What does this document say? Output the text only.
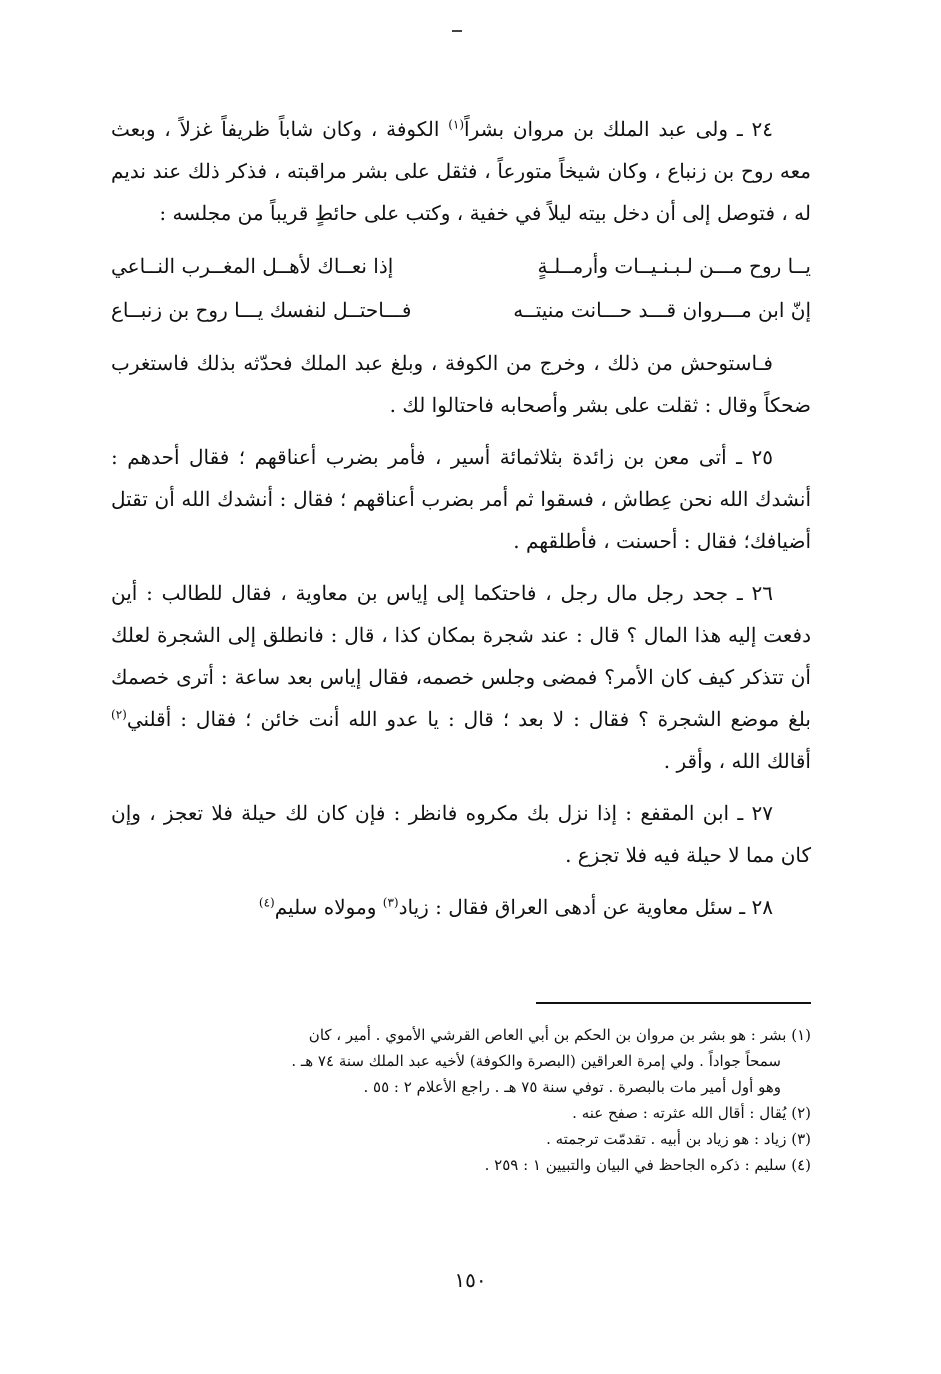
٢٤ ـ ولى عبد الملك بن مروان بشراً$^{(١)}$ الكوفة ، وكان شاباً ظريفاً غزلاً ، وبعث معه روح بن زنباع ، وكان شيخاً متورعاً ، فثقل على بشر مراقبته ، فذكر ذلك عند نديم له ، فتوصل إلى أن دخل بيته ليلاً في خفية ، وكتب على حائطٍ قريباً من مجلسه :

يــا روح مـــن لـبـنـيــات وأرمــلـةٍ
إذا نعــاك لأهــل المغــرب النــاعي
إنّ ابن مـــروان قـــد حـــانت منيتــه
فـــاحتــل لنفسك يـــا روح بن زنبــاع

فـاستوحش من ذلك ، وخرج من الكوفة ، وبلغ عبد الملك فحدّثه بذلك فاستغرب ضحكاً وقال : ثقلت على بشر وأصحابه فاحتالوا لك .

٢٥ ـ أتى معن بن زائدة بثلاثمائة أسير ، فأمر بضرب أعناقهم ؛ فقال أحدهم : أنشدك الله نحن عِطاش ، فسقوا ثم أمر بضرب أعناقهم ؛ فقال : أنشدك الله أن تقتل أضيافك؛ فقال : أحسنت ، فأطلقهم .

٢٦ ـ جحد رجل مال رجل ، فاحتكما إلى إياس بن معاوية ، فقال للطالب : أين دفعت إليه هذا المال ؟ قال : عند شجرة بمكان كذا ، قال : فانطلق إلى الشجرة لعلك أن تتذكر كيف كان الأمر؟ فمضى وجلس خصمه، فقال إياس بعد ساعة : أترى خصمك بلغ موضع الشجرة ؟ فقال : لا بعد ؛ قال : يا عدو الله أنت خائن ؛ فقال : أقلني$^{(٢)}$ أقالك الله ، وأقر .

٢٧ ـ ابن المقفع : إذا نزل بك مكروه فانظر : فإن كان لك حيلة فلا تعجز ، وإن كان مما لا حيلة فيه فلا تجزع .

٢٨ ـ سئل معاوية عن أدهى العراق فقال : زياد$^{(٣)}$ ومولاه سليم$^{(٤)}$

(١) بشر : هو بشر بن مروان بن الحكم بن أبي العاص القرشي الأموي . أمير ، كان

سمحاً جواداً . ولي إمرة العراقين (البصرة والكوفة) لأخيه عبد الملك سنة ٧٤ هـ .

وهو أول أمير مات بالبصرة . توفي سنة ٧٥ هـ . راجع الأعلام ٢ : ٥٥ .

(٢) يُقال : أقال الله عثرته : صفح عنه .

(٣) زياد : هو زياد بن أبيه . تقدمّت ترجمته .

(٤) سليم : ذكره الجاحظ في البيان والتبيين ١ : ٢٥٩ .

١٥٠
